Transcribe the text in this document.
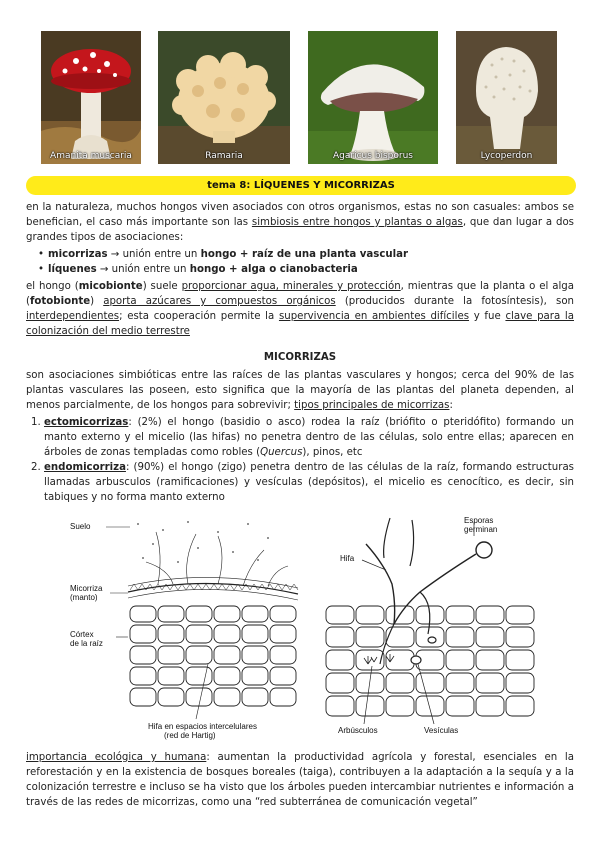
Amanita muscaria	Ramaria	Agaricus bisporus	Lycoperdon
tema 8: LÍQUENES Y MICORRIZAS

en la naturaleza, muchos hongos viven asociados con otros organismos, estas no son casuales: ambos se benefician, el caso más importante son las simbiosis entre hongos y plantas o algas, que dan lugar a dos grandes tipos de asociaciones:

• micorrizas → unión entre un hongo + raíz de una planta vascular
• líquenes → unión entre un hongo + alga o cianobacteria

el hongo (micobionte) suele proporcionar agua, minerales y protección, mientras que la planta o el alga (fotobionte) aporta azúcares y compuestos orgánicos (producidos durante la fotosíntesis), son interdependientes; esta cooperación permite la supervivencia en ambientes difíciles y fue clave para la colonización del medio terrestre

MICORRIZAS

son asociaciones simbióticas entre las raíces de las plantas vasculares y hongos; cerca del 90% de las plantas vasculares las poseen, esto significa que la mayoría de las plantas del planeta dependen, al menos parcialmente, de los hongos para sobrevivir; tipos principales de micorrizas:

1. ectomicorrizas: (2%) el hongo (basidio o asco) rodea la raíz (briófito o pteridófito) formando un manto externo y el micelio (las hifas) no penetra dentro de las células, solo entre ellas; aparecen en árboles de zonas templadas como robles (Quercus), pinos, etc
2. endomicorriza: (90%) el hongo (zigo) penetra dentro de las células de la raíz, formando estructuras llamadas arbusculos (ramificaciones) y vesículas (depósitos), el micelio es cenocítico, es decir, sin tabiques y no forma manto externo
Suelo
Micorriza
(manto)
Córtex
de la raíz
Hifa en espacios intercelulares
(red de Hartig)
Esporas
germinan
Hifa
Arbúsculos	Vesículas

importancia ecológica y humana: aumentan la productividad agrícola y forestal, esenciales en la reforestación y en la existencia de bosques boreales (taiga), contribuyen a la adaptación a la sequía y a la colonización terrestre e incluso se ha visto que los árboles pueden intercambiar nutrientes e información a través de las redes de micorrizas, como una “red subterránea de comunicación vegetal”
